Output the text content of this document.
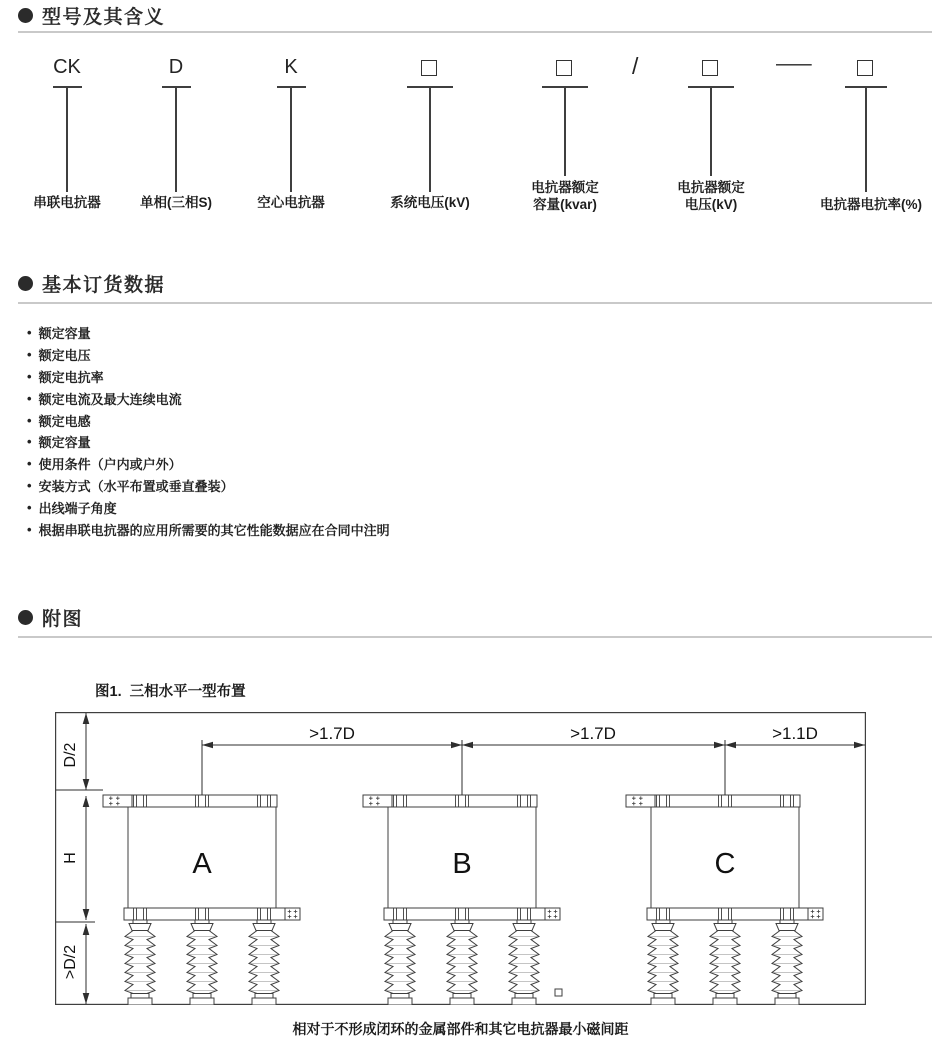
型号及其含义
CK
串联电抗器
D
单相(三相S)
K
空心电抗器	系统电压(kV)
电抗器额定
容量(kvar)
/
电抗器额定
电压(kV)
—
电抗器电抗率(%)
基本订货数据
• 额定容量
• 额定电压
• 额定电抗率
• 额定电流及最大连续电流
• 额定电感
• 额定容量
• 使用条件（户内或户外）
• 安装方式（水平布置或垂直叠装）
• 出线端子角度
• 根据串联电抗器的应用所需要的其它性能数据应在合同中注明
附图
图1.  三相水平一型布置
>1.7D	>1.7D	>1.1D
D/2
H
>D/2
A	B	C
相对于不形成闭环的金属部件和其它电抗器最小磁间距
